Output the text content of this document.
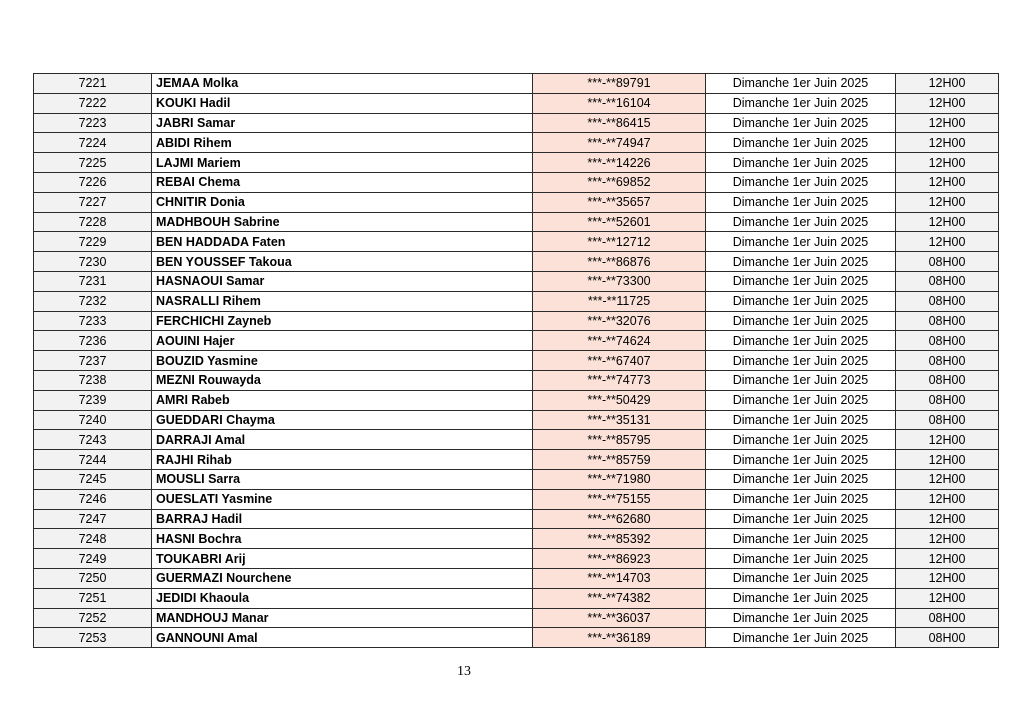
7221	JEMAA Molka	***-**89791	Dimanche 1er Juin 2025	12H00
7222	KOUKI Hadil	***-**16104	Dimanche 1er Juin 2025	12H00
7223	JABRI Samar	***-**86415	Dimanche 1er Juin 2025	12H00
7224	ABIDI Rihem	***-**74947	Dimanche 1er Juin 2025	12H00
7225	LAJMI Mariem	***-**14226	Dimanche 1er Juin 2025	12H00
7226	REBAI Chema	***-**69852	Dimanche 1er Juin 2025	12H00
7227	CHNITIR Donia	***-**35657	Dimanche 1er Juin 2025	12H00
7228	MADHBOUH Sabrine	***-**52601	Dimanche 1er Juin 2025	12H00
7229	BEN HADDADA Faten	***-**12712	Dimanche 1er Juin 2025	12H00
7230	BEN YOUSSEF Takoua	***-**86876	Dimanche 1er Juin 2025	08H00
7231	HASNAOUI Samar	***-**73300	Dimanche 1er Juin 2025	08H00
7232	NASRALLI Rihem	***-**11725	Dimanche 1er Juin 2025	08H00
7233	FERCHICHI Zayneb	***-**32076	Dimanche 1er Juin 2025	08H00
7236	AOUINI Hajer	***-**74624	Dimanche 1er Juin 2025	08H00
7237	BOUZID Yasmine	***-**67407	Dimanche 1er Juin 2025	08H00
7238	MEZNI Rouwayda	***-**74773	Dimanche 1er Juin 2025	08H00
7239	AMRI Rabeb	***-**50429	Dimanche 1er Juin 2025	08H00
7240	GUEDDARI Chayma	***-**35131	Dimanche 1er Juin 2025	08H00
7243	DARRAJI Amal	***-**85795	Dimanche 1er Juin 2025	12H00
7244	RAJHI Rihab	***-**85759	Dimanche 1er Juin 2025	12H00
7245	MOUSLI Sarra	***-**71980	Dimanche 1er Juin 2025	12H00
7246	OUESLATI Yasmine	***-**75155	Dimanche 1er Juin 2025	12H00
7247	BARRAJ Hadil	***-**62680	Dimanche 1er Juin 2025	12H00
7248	HASNI Bochra	***-**85392	Dimanche 1er Juin 2025	12H00
7249	TOUKABRI Arij	***-**86923	Dimanche 1er Juin 2025	12H00
7250	GUERMAZI Nourchene	***-**14703	Dimanche 1er Juin 2025	12H00
7251	JEDIDI Khaoula	***-**74382	Dimanche 1er Juin 2025	12H00
7252	MANDHOUJ Manar	***-**36037	Dimanche 1er Juin 2025	08H00
7253	GANNOUNI Amal	***-**36189	Dimanche 1er Juin 2025	08H00
13
